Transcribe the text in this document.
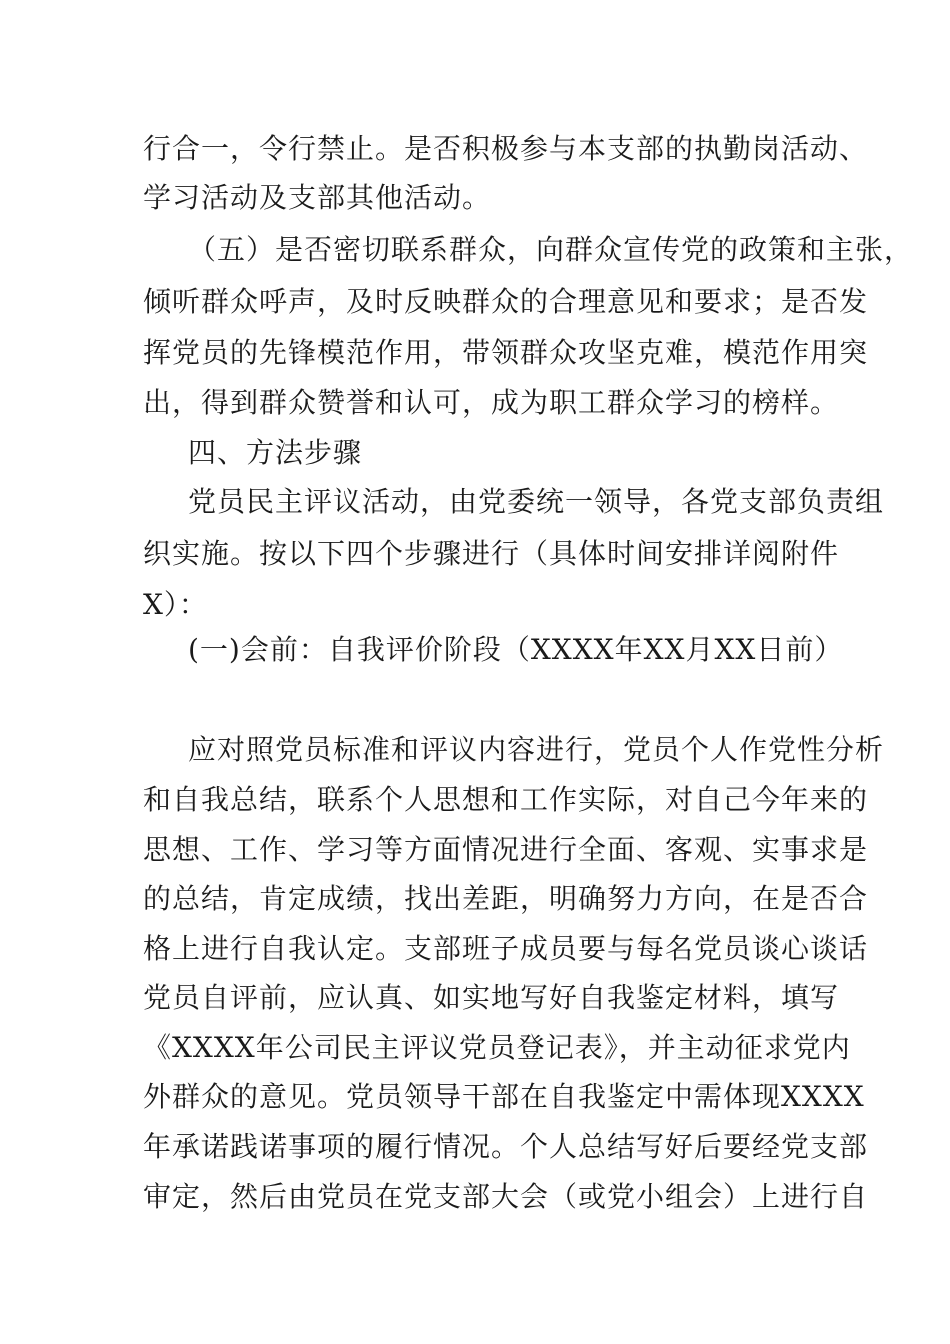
行合一，令行禁止。是否积极参与本支部的执勤岗活动、
学习活动及支部其他活动。
（五）是否密切联系群众，向群众宣传党的政策和主张，
倾听群众呼声，及时反映群众的合理意见和要求；是否发
挥党员的先锋模范作用，带领群众攻坚克难，模范作用突
出，得到群众赞誉和认可，成为职工群众学习的榜样。
四、方法步骤
党员民主评议活动，由党委统一领导，各党支部负责组
织实施。按以下四个步骤进行（具体时间安排详阅附件
X）：
(一)会前：自我评价阶段（XXXX年XX月XX日前）
应对照党员标准和评议内容进行，党员个人作党性分析
和自我总结，联系个人思想和工作实际，对自己今年来的
思想、工作、学习等方面情况进行全面、客观、实事求是
的总结，肯定成绩，找出差距，明确努力方向，在是否合
格上进行自我认定。支部班子成员要与每名党员谈心谈话
党员自评前，应认真、如实地写好自我鉴定材料，填写
《XXXX年公司民主评议党员登记表》，并主动征求党内
外群众的意见。党员领导干部在自我鉴定中需体现XXXX
年承诺践诺事项的履行情况。个人总结写好后要经党支部
审定，然后由党员在党支部大会（或党小组会）上进行自
